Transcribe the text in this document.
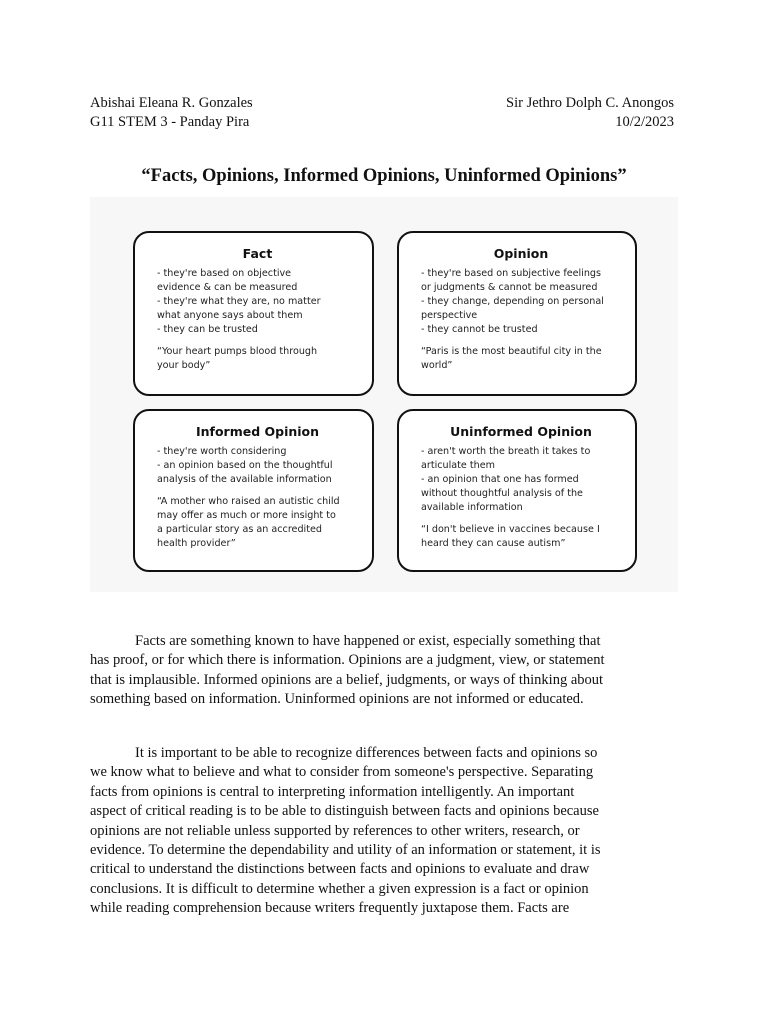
Abishai Eleana R. Gonzales	Sir Jethro Dolph C. Anongos
G11 STEM 3 - Panday Pira	10/2/2023
“Facts, Opinions, Informed Opinions, Uninformed Opinions”
Fact
- they're based on objective
evidence & can be measured
- they're what they are, no matter
what anyone says about them
- they can be trusted
“Your heart pumps blood through
your body”
Opinion
- they're based on subjective feelings
or judgments & cannot be measured
- they change, depending on personal
perspective
- they cannot be trusted
“Paris is the most beautiful city in the
world”
Informed Opinion
- they're worth considering
- an opinion based on the thoughtful
analysis of the available information
“A mother who raised an autistic child
may offer as much or more insight to
a particular story as an accredited
health provider”
Uninformed Opinion
- aren't worth the breath it takes to
articulate them
- an opinion that one has formed
without thoughtful analysis of the
available information
“I don't believe in vaccines because I
heard they can cause autism”
Facts are something known to have happened or exist, especially something that
has proof, or for which there is information. Opinions are a judgment, view, or statement
that is implausible. Informed opinions are a belief, judgments, or ways of thinking about
something based on information. Uninformed opinions are not informed or educated.
It is important to be able to recognize differences between facts and opinions so
we know what to believe and what to consider from someone's perspective. Separating
facts from opinions is central to interpreting information intelligently. An important
aspect of critical reading is to be able to distinguish between facts and opinions because
opinions are not reliable unless supported by references to other writers, research, or
evidence. To determine the dependability and utility of an information or statement, it is
critical to understand the distinctions between facts and opinions to evaluate and draw
conclusions. It is difficult to determine whether a given expression is a fact or opinion
while reading comprehension because writers frequently juxtapose them. Facts are
